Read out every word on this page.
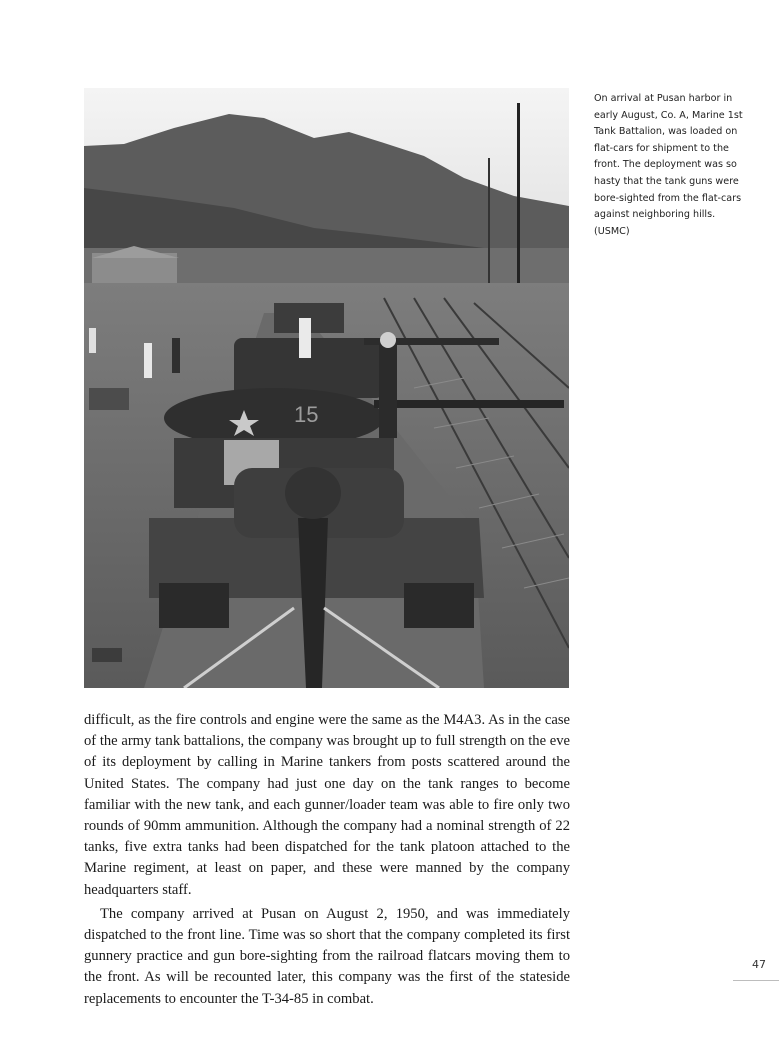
15
On arrival at Pusan harbor in early August, Co. A, Marine 1st Tank Battalion, was loaded on flat-cars for shipment to the front. The deployment was so hasty that the tank guns were bore-sighted from the flat-cars against neighboring hills. (USMC)

difficult, as the fire controls and engine were the same as the M4A3. As in the case of the army tank battalions, the company was brought up to full strength on the eve of its deployment by calling in Marine tankers from posts scattered around the United States. The company had just one day on the tank ranges to become familiar with the new tank, and each gunner/loader team was able to fire only two rounds of 90mm ammunition. Although the company had a nominal strength of 22 tanks, five extra tanks had been dispatched for the tank platoon attached to the Marine regiment, at least on paper, and these were manned by the company headquarters staff.

The company arrived at Pusan on August 2, 1950, and was immediately dispatched to the front line. Time was so short that the company completed its first gunnery practice and gun bore-sighting from the railroad flatcars moving them to the front. As will be recounted later, this company was the first of the stateside replacements to encounter the T-34-85 in combat.

47
